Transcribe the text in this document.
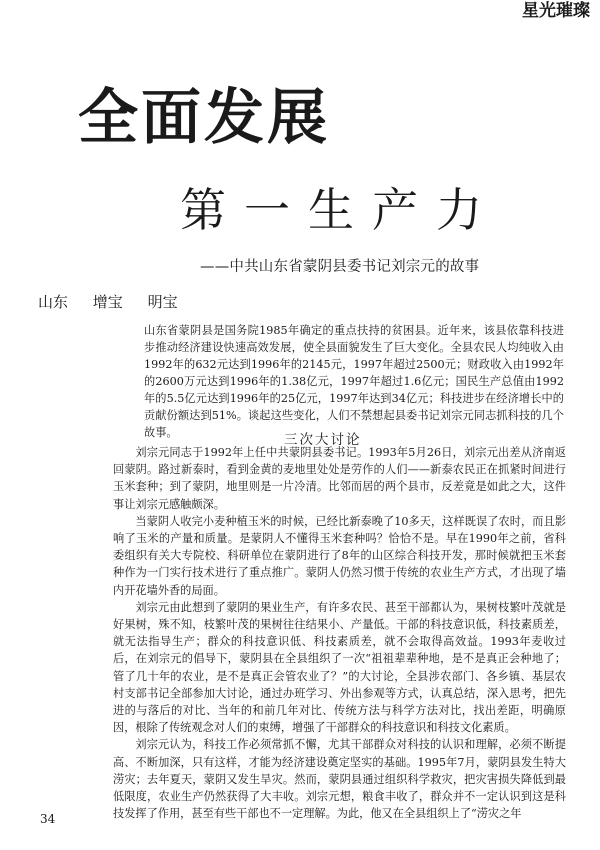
星光璀璨
全面发展
第一生产力
——中共山东省蒙阴县委书记刘宗元的故事
山东 增宝 明宝
山东省蒙阴县是国务院1985年确定的重点扶持的贫困县。近年来，该县依靠科技进步推动经济建设快速高效发展，使全县面貌发生了巨大变化。全县农民人均纯收入由1992年的632元达到1996年的2145元，1997年超过2500元；财政收入由1992年的2600万元达到1996年的1.38亿元，1997年超过1.6亿元；国民生产总值由1992年的5.5亿元达到1996年的25亿元，1997年达到34亿元；科技进步在经济增长中的贡献份额达到51%。谈起这些变化，人们不禁想起县委书记刘宗元同志抓科技的几个故事。	三次大讨论

刘宗元同志于1992年上任中共蒙阴县委书记。1993年5月26日，刘宗元出差从济南返回蒙阴。路过新泰时，看到金黄的麦地里处处是劳作的人们——新泰农民正在抓紧时间进行玉米套种；到了蒙阴，地里则是一片冷清。比邻而居的两个县市，反差竟是如此之大，这件事让刘宗元感触颇深。

当蒙阴人收完小麦种植玉米的时候，已经比新泰晚了10多天，这样既误了农时，而且影响了玉米的产量和质量。是蒙阴人不懂得玉米套种吗？恰恰不是。早在1990年之前，省科委组织有关大专院校、科研单位在蒙阴进行了8年的山区综合科技开发，那时候就把玉米套种作为一门实行技术进行了重点推广。蒙阴人仍然习惯于传统的农业生产方式，才出现了墙内开花墙外香的局面。

刘宗元由此想到了蒙阴的果业生产，有许多农民、甚至干部都认为，果树枝繁叶茂就是好果树，殊不知，枝繁叶茂的果树往往结果小、产量低。干部的科技意识低，科技素质差，就无法指导生产；群众的科技意识低、科技素质差，就不会取得高效益。1993年麦收过后，在刘宗元的倡导下，蒙阴县在全县组织了一次“祖祖辈辈种地，是不是真正会种地了；管了几十年的农业，是不是真正会管农业了？”的大讨论，全县涉农部门、各乡镇、基层农村支部书记全部参加大讨论，通过办班学习、外出参观等方式，认真总结，深入思考，把先进的与落后的对比、当年的和前几年对比、传统方法与科学方法对比，找出差距，明确原因，根除了传统观念对人们的束缚，增强了干部群众的科技意识和科技文化素质。

刘宗元认为，科技工作必须常抓不懈，尤其干部群众对科技的认识和理解，必须不断提高、不断加深，只有这样，才能为经济建设奠定坚实的基础。1995年7月，蒙阴县发生特大涝灾；去年夏天，蒙阴又发生旱灾。然而，蒙阴县通过组织科学救灾，把灾害损失降低到最低限度，农业生产仍然获得了大丰收。刘宗元想，粮食丰收了，群众并不一定认识到这是科技发挥了作用，甚至有些干部也不一定理解。为此，他又在全县组织上了“涝灾之年

34
